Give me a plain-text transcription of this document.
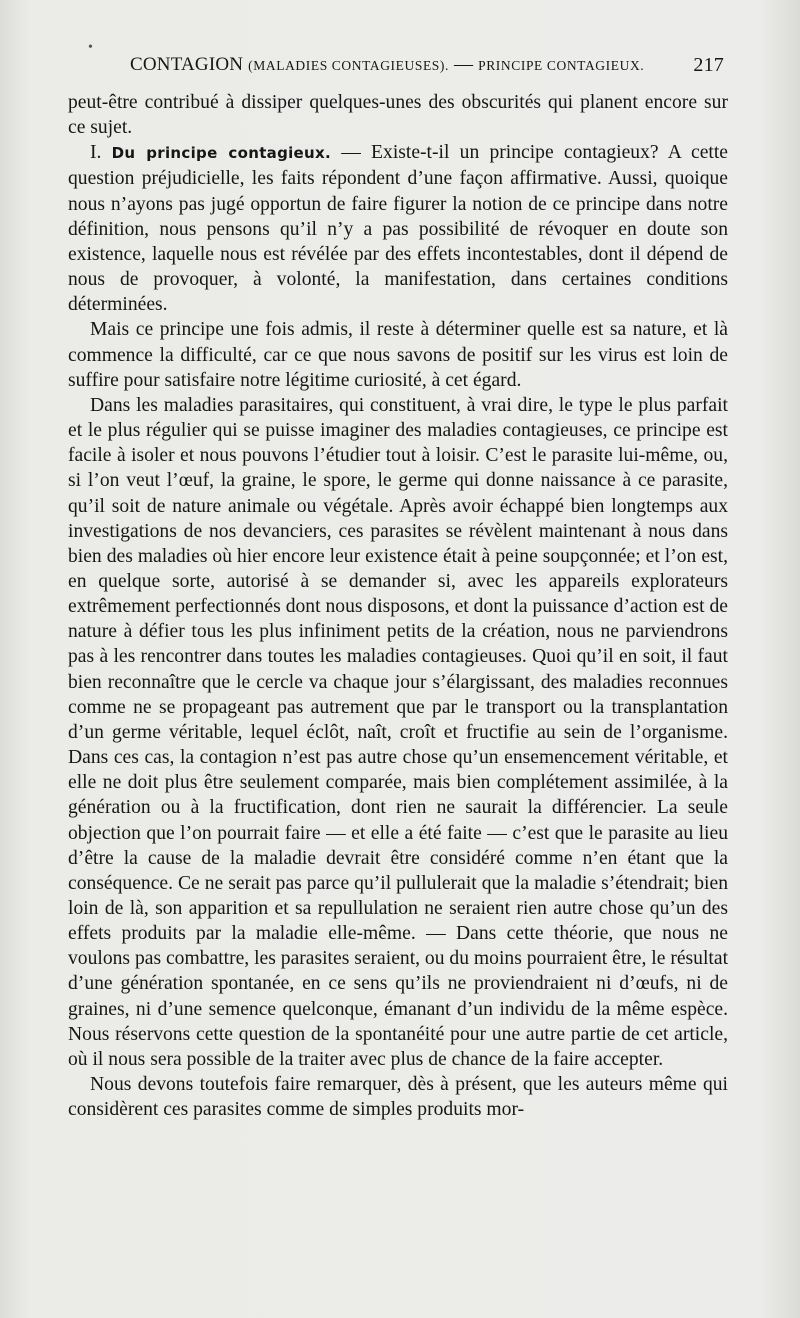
CONTAGION (MALADIES CONTAGIEUSES). — PRINCIPE CONTAGIEUX. 217

peut-être contribué à dissiper quelques-unes des obscurités qui planent encore sur ce sujet.

I. Du principe contagieux. — Existe-t-il un principe contagieux? A cette question préjudicielle, les faits répondent d’une façon affirmative. Aussi, quoique nous n’ayons pas jugé opportun de faire figurer la notion de ce principe dans notre définition, nous pensons qu’il n’y a pas possibilité de révoquer en doute son existence, laquelle nous est révélée par des effets incontestables, dont il dépend de nous de provoquer, à volonté, la manifestation, dans certaines conditions déterminées.

Mais ce principe une fois admis, il reste à déterminer quelle est sa nature, et là commence la difficulté, car ce que nous savons de positif sur les virus est loin de suffire pour satisfaire notre légitime curiosité, à cet égard.

Dans les maladies parasitaires, qui constituent, à vrai dire, le type le plus parfait et le plus régulier qui se puisse imaginer des maladies contagieuses, ce principe est facile à isoler et nous pouvons l’étudier tout à loisir. C’est le parasite lui-même, ou, si l’on veut l’œuf, la graine, le spore, le germe qui donne naissance à ce parasite, qu’il soit de nature animale ou végétale. Après avoir échappé bien longtemps aux investigations de nos devanciers, ces parasites se révèlent maintenant à nous dans bien des maladies où hier encore leur existence était à peine soupçonnée; et l’on est, en quelque sorte, autorisé à se demander si, avec les appareils explorateurs extrêmement perfectionnés dont nous disposons, et dont la puissance d’action est de nature à défier tous les plus infiniment petits de la création, nous ne parviendrons pas à les rencontrer dans toutes les maladies contagieuses. Quoi qu’il en soit, il faut bien reconnaître que le cercle va chaque jour s’élargissant, des maladies reconnues comme ne se propageant pas autrement que par le transport ou la transplantation d’un germe véritable, lequel éclôt, naît, croît et fructifie au sein de l’organisme. Dans ces cas, la contagion n’est pas autre chose qu’un ensemencement véritable, et elle ne doit plus être seulement comparée, mais bien complétement assimilée, à la génération ou à la fructification, dont rien ne saurait la différencier. La seule objection que l’on pourrait faire — et elle a été faite — c’est que le parasite au lieu d’être la cause de la maladie devrait être considéré comme n’en étant que la conséquence. Ce ne serait pas parce qu’il pullulerait que la maladie s’étendrait; bien loin de là, son apparition et sa repullulation ne seraient rien autre chose qu’un des effets produits par la maladie elle-même. — Dans cette théorie, que nous ne voulons pas combattre, les parasites seraient, ou du moins pourraient être, le résultat d’une génération spontanée, en ce sens qu’ils ne proviendraient ni d’œufs, ni de graines, ni d’une semence quelconque, émanant d’un individu de la même espèce. Nous réservons cette question de la spontanéité pour une autre partie de cet article, où il nous sera possible de la traiter avec plus de chance de la faire accepter.

Nous devons toutefois faire remarquer, dès à présent, que les auteurs même qui considèrent ces parasites comme de simples produits mor-

•
